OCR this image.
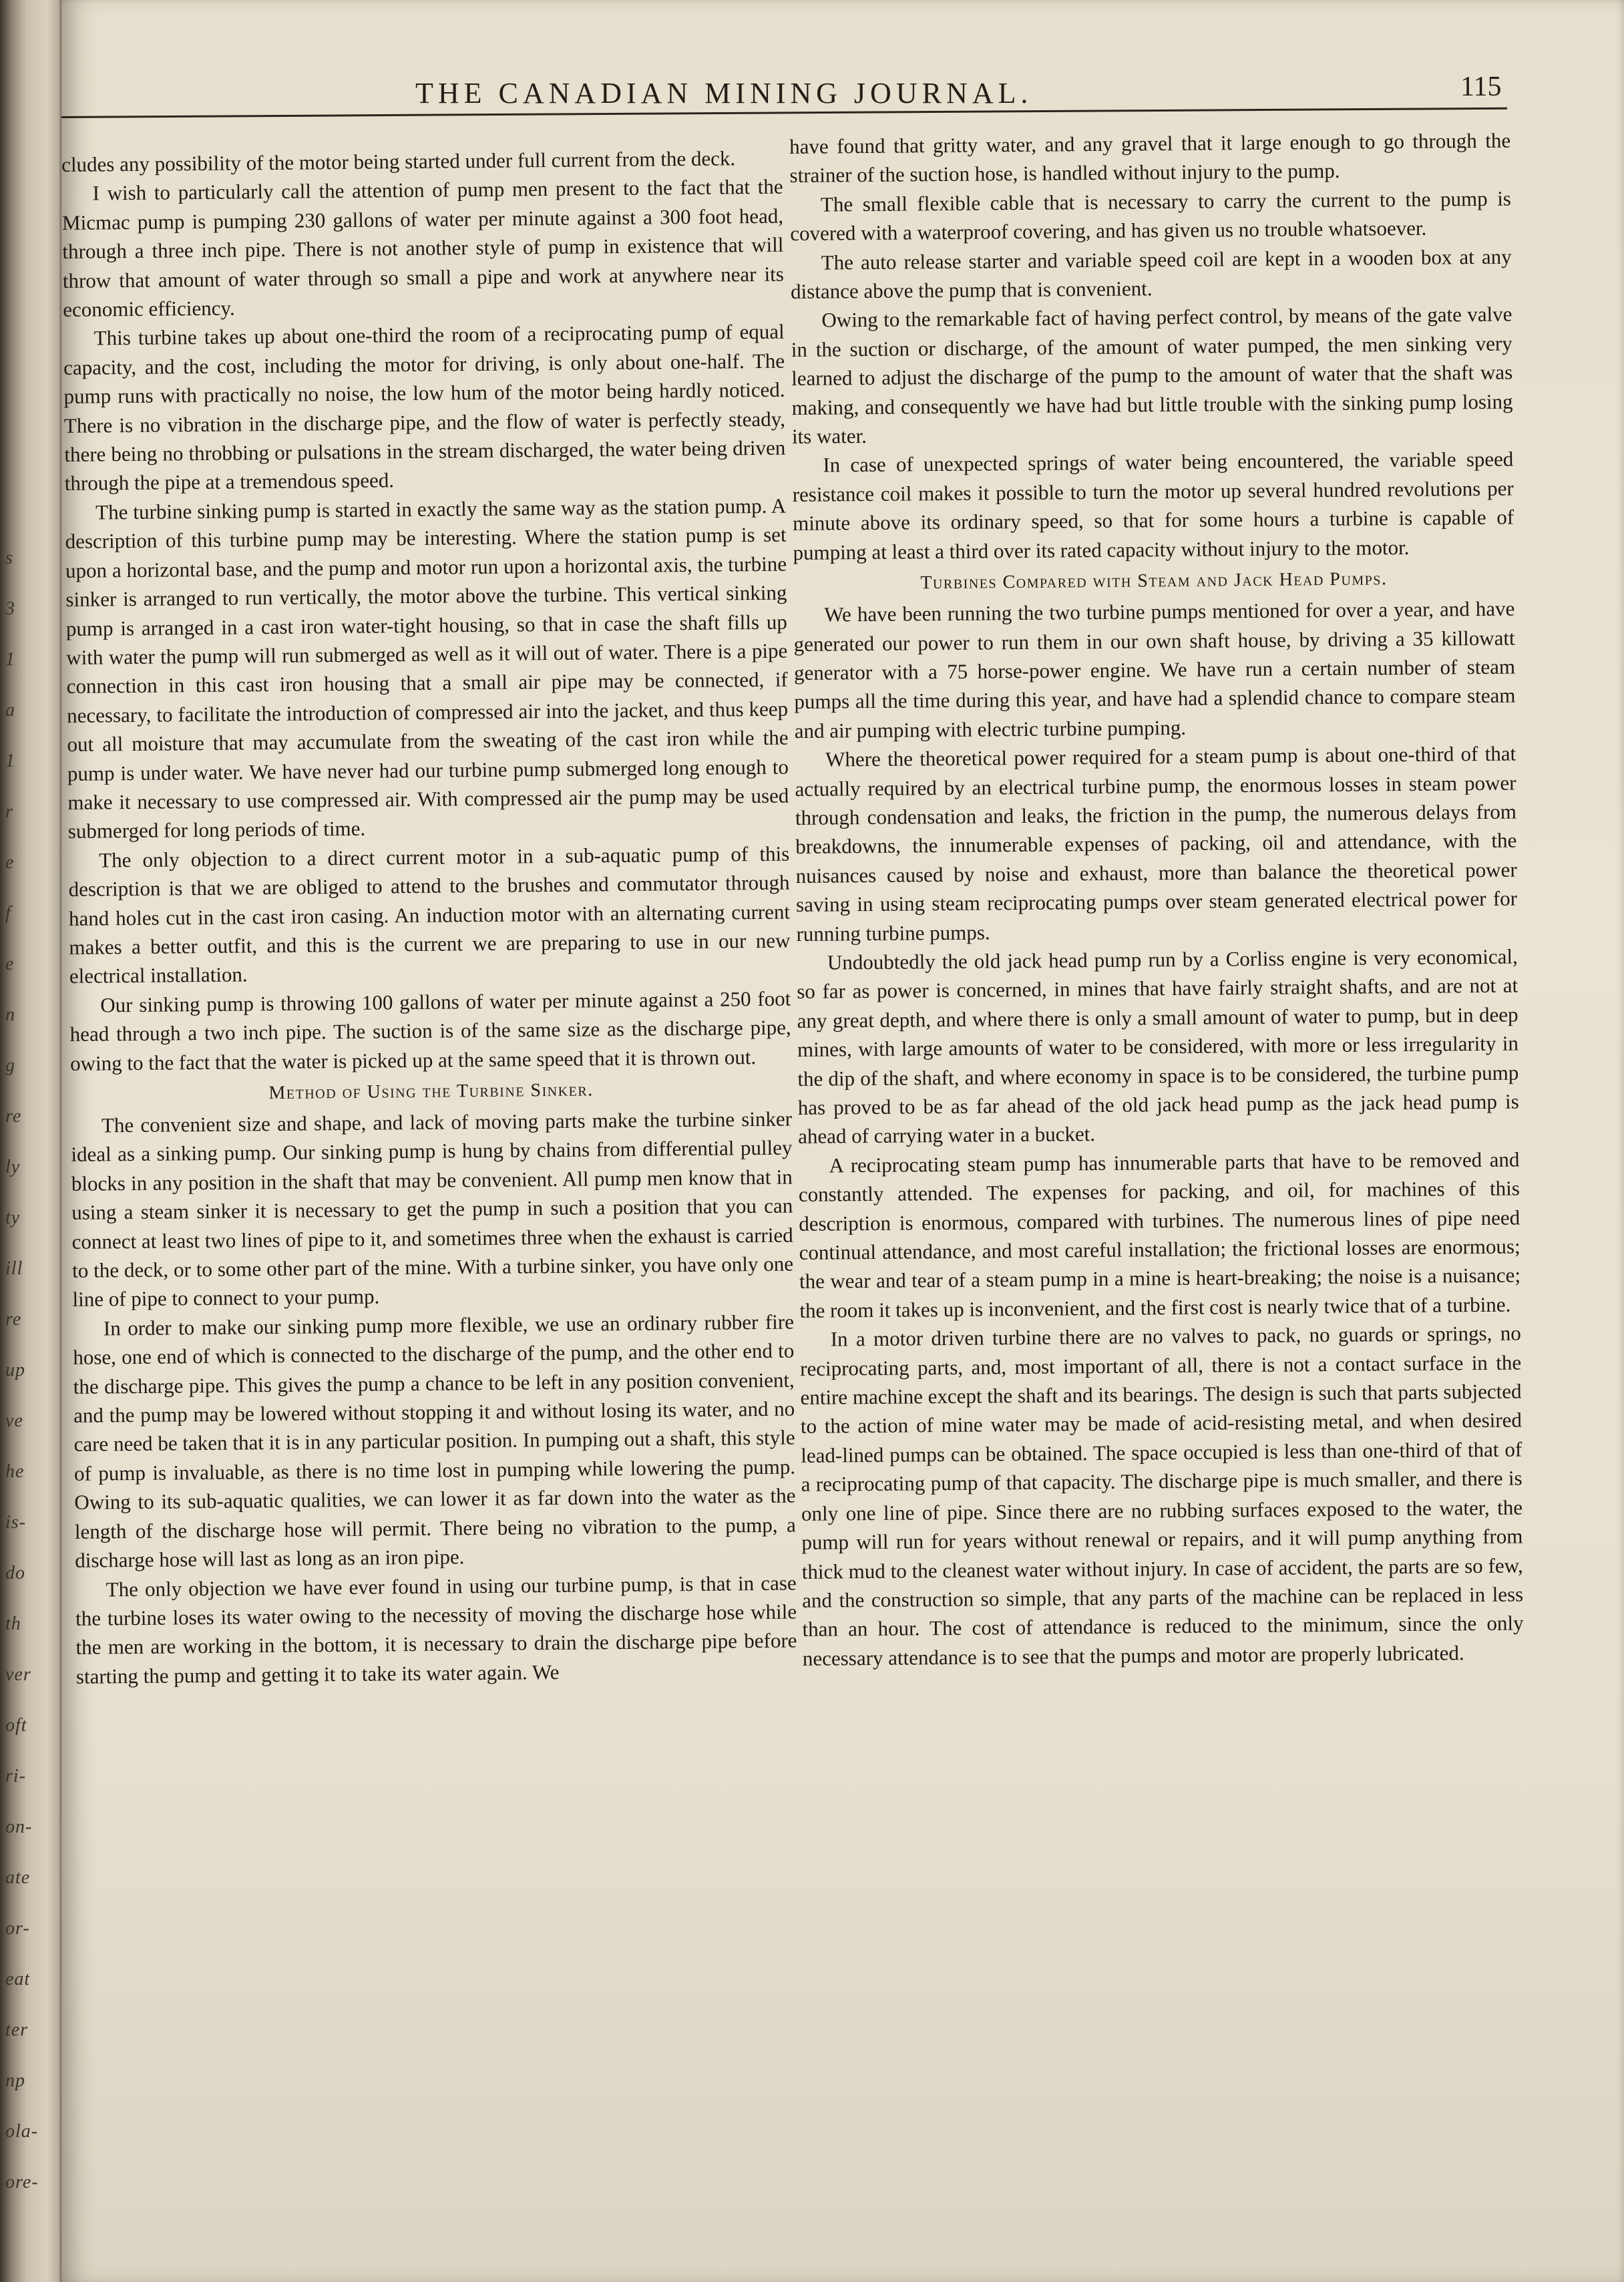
s
3
1
a
1
r
e
f
e
n
g
re
ly
ty
ill
re
up
ve
he
is-
do
th
ver
oft
ri-
on-
ate
or-
eat
ter
np
ola-
ore-
THE CANADIAN MINING JOURNAL.	115

cludes any possibility of the motor being started under full current from the deck.

I wish to particularly call the attention of pump men present to the fact that the Micmac pump is pumping 230 gallons of water per minute against a 300 foot head, through a three inch pipe. There is not another style of pump in existence that will throw that amount of water through so small a pipe and work at anywhere near its economic efficiency.

This turbine takes up about one-third the room of a reciprocating pump of equal capacity, and the cost, including the motor for driving, is only about one-half. The pump runs with practically no noise, the low hum of the motor being hardly noticed. There is no vibration in the discharge pipe, and the flow of water is perfectly steady, there being no throbbing or pulsations in the stream discharged, the water being driven through the pipe at a tremendous speed.

The turbine sinking pump is started in exactly the same way as the station pump. A description of this turbine pump may be interesting. Where the station pump is set upon a horizontal base, and the pump and motor run upon a horizontal axis, the turbine sinker is arranged to run vertically, the motor above the turbine. This vertical sinking pump is arranged in a cast iron water-tight housing, so that in case the shaft fills up with water the pump will run submerged as well as it will out of water. There is a pipe connection in this cast iron housing that a small air pipe may be connected, if necessary, to facilitate the introduction of compressed air into the jacket, and thus keep out all moisture that may accumulate from the sweating of the cast iron while the pump is under water. We have never had our turbine pump submerged long enough to make it necessary to use compressed air. With compressed air the pump may be used submerged for long periods of time.

The only objection to a direct current motor in a sub-aquatic pump of this description is that we are obliged to attend to the brushes and commutator through hand holes cut in the cast iron casing. An induction motor with an alternating current makes a better outfit, and this is the current we are preparing to use in our new electrical installation.

Our sinking pump is throwing 100 gallons of water per minute against a 250 foot head through a two inch pipe. The suction is of the same size as the discharge pipe, owing to the fact that the water is picked up at the same speed that it is thrown out.

Method of Using the Turbine Sinker.

The convenient size and shape, and lack of moving parts make the turbine sinker ideal as a sinking pump. Our sinking pump is hung by chains from differential pulley blocks in any position in the shaft that may be convenient. All pump men know that in using a steam sinker it is necessary to get the pump in such a position that you can connect at least two lines of pipe to it, and sometimes three when the exhaust is carried to the deck, or to some other part of the mine. With a turbine sinker, you have only one line of pipe to connect to your pump.

In order to make our sinking pump more flexible, we use an ordinary rubber fire hose, one end of which is connected to the discharge of the pump, and the other end to the discharge pipe. This gives the pump a chance to be left in any position convenient, and the pump may be lowered without stopping it and without losing its water, and no care need be taken that it is in any particular position. In pumping out a shaft, this style of pump is invaluable, as there is no time lost in pumping while lowering the pump. Owing to its sub-aquatic qualities, we can lower it as far down into the water as the length of the discharge hose will permit. There being no vibration to the pump, a discharge hose will last as long as an iron pipe.

The only objection we have ever found in using our turbine pump, is that in case the turbine loses its water owing to the necessity of moving the discharge hose while the men are working in the bottom, it is necessary to drain the discharge pipe before starting the pump and getting it to take its water again. We

have found that gritty water, and any gravel that it large enough to go through the strainer of the suction hose, is handled without injury to the pump.

The small flexible cable that is necessary to carry the current to the pump is covered with a waterproof covering, and has given us no trouble whatsoever.

The auto release starter and variable speed coil are kept in a wooden box at any distance above the pump that is convenient.

Owing to the remarkable fact of having perfect control, by means of the gate valve in the suction or discharge, of the amount of water pumped, the men sinking very learned to adjust the discharge of the pump to the amount of water that the shaft was making, and consequently we have had but little trouble with the sinking pump losing its water.

In case of unexpected springs of water being encountered, the variable speed resistance coil makes it possible to turn the motor up several hundred revolutions per minute above its ordinary speed, so that for some hours a turbine is capable of pumping at least a third over its rated capacity without injury to the motor.

Turbines Compared with Steam and Jack Head Pumps.

We have been running the two turbine pumps mentioned for over a year, and have generated our power to run them in our own shaft house, by driving a 35 killowatt generator with a 75 horse-power engine. We have run a certain number of steam pumps all the time during this year, and have had a splendid chance to compare steam and air pumping with electric turbine pumping.

Where the theoretical power required for a steam pump is about one-third of that actually required by an electrical turbine pump, the enormous losses in steam power through condensation and leaks, the friction in the pump, the numerous delays from breakdowns, the innumerable expenses of packing, oil and attendance, with the nuisances caused by noise and exhaust, more than balance the theoretical power saving in using steam reciprocating pumps over steam generated electrical power for running turbine pumps.

Undoubtedly the old jack head pump run by a Corliss engine is very economical, so far as power is concerned, in mines that have fairly straight shafts, and are not at any great depth, and where there is only a small amount of water to pump, but in deep mines, with large amounts of water to be considered, with more or less irregularity in the dip of the shaft, and where economy in space is to be considered, the turbine pump has proved to be as far ahead of the old jack head pump as the jack head pump is ahead of carrying water in a bucket.

A reciprocating steam pump has innumerable parts that have to be removed and constantly attended. The expenses for packing, and oil, for machines of this description is enormous, compared with turbines. The numerous lines of pipe need continual attendance, and most careful installation; the frictional losses are enormous; the wear and tear of a steam pump in a mine is heart-breaking; the noise is a nuisance; the room it takes up is inconvenient, and the first cost is nearly twice that of a turbine.

In a motor driven turbine there are no valves to pack, no guards or springs, no reciprocating parts, and, most important of all, there is not a contact surface in the entire machine except the shaft and its bearings. The design is such that parts subjected to the action of mine water may be made of acid-resisting metal, and when desired lead-lined pumps can be obtained. The space occupied is less than one-third of that of a reciprocating pump of that capacity. The discharge pipe is much smaller, and there is only one line of pipe. Since there are no rubbing surfaces exposed to the water, the pump will run for years without renewal or repairs, and it will pump anything from thick mud to the cleanest water without injury. In case of accident, the parts are so few, and the construction so simple, that any parts of the machine can be replaced in less than an hour. The cost of attendance is reduced to the minimum, since the only necessary attendance is to see that the pumps and motor are properly lubricated.
